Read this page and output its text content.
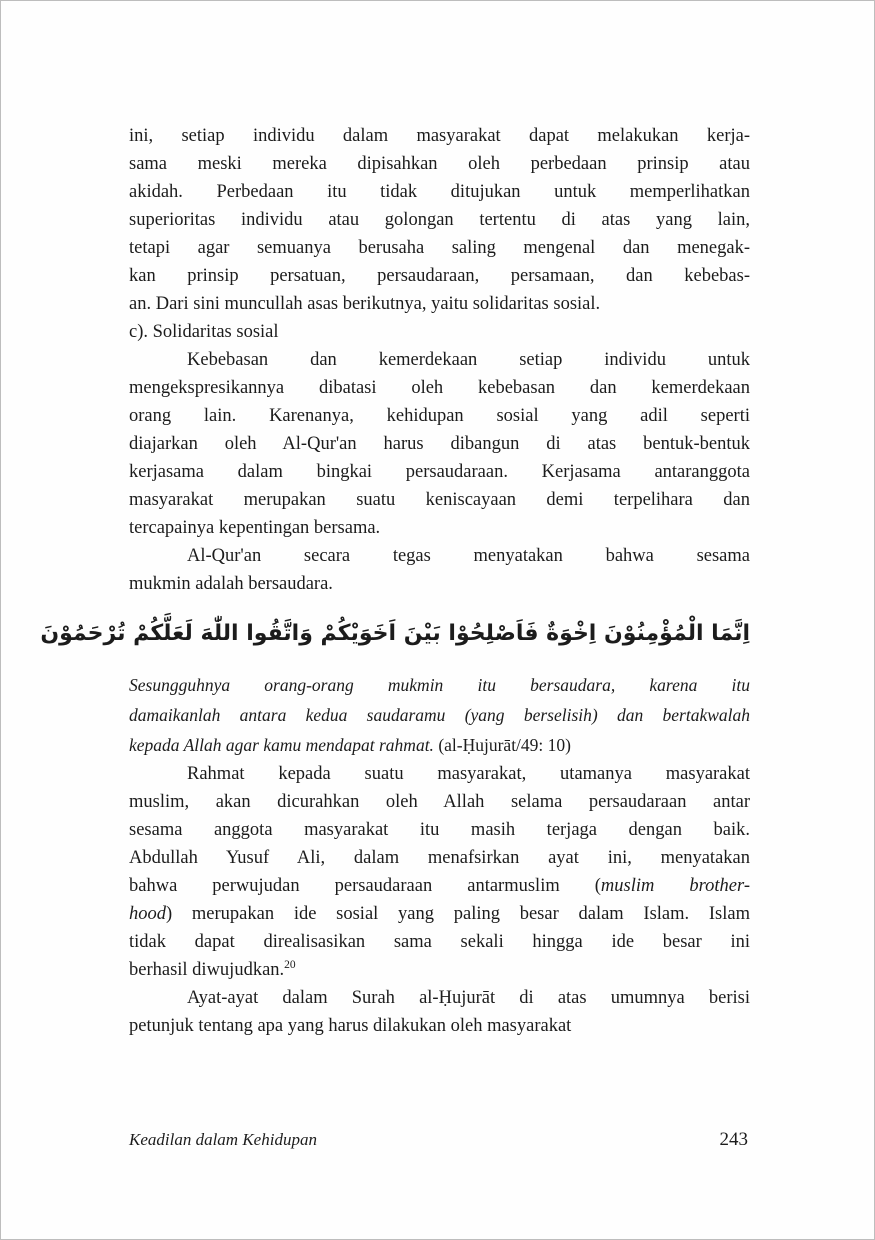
ini, setiap individu dalam masyarakat dapat melakukan kerja-
sama meski mereka dipisahkan oleh perbedaan prinsip atau
akidah. Perbedaan itu tidak ditujukan untuk memperlihatkan
superioritas individu atau golongan tertentu di atas yang lain,
tetapi agar semuanya berusaha saling mengenal dan menegak-
kan prinsip persatuan, persaudaraan, persamaan, dan kebebas-
an. Dari sini muncullah asas berikutnya, yaitu solidaritas sosial.

c). Solidaritas sosial

Kebebasan dan kemerdekaan setiap individu untuk
mengekspresikannya dibatasi oleh kebebasan dan kemerdekaan
orang lain. Karenanya, kehidupan sosial yang adil seperti
diajarkan oleh Al-Qur'an harus dibangun di atas bentuk-bentuk
kerjasama dalam bingkai persaudaraan. Kerjasama antaranggota
masyarakat merupakan suatu keniscayaan demi terpelihara dan
tercapainya kepentingan bersama.

Al-Qur'an secara tegas menyatakan bahwa sesama
mukmin adalah bersaudara.

اِنَّمَا الْمُؤْمِنُوْنَ اِخْوَةٌ فَاَصْلِحُوْا بَيْنَ اَخَوَيْكُمْ وَاتَّقُوا اللّٰهَ لَعَلَّكُمْ تُرْحَمُوْنَ

Sesungguhnya orang-orang mukmin itu bersaudara, karena itu
damaikanlah antara kedua saudaramu (yang berselisih) dan bertakwalah
kepada Allah agar kamu mendapat rahmat. (al-Ḥujurāt/49: 10)

Rahmat kepada suatu masyarakat, utamanya masyarakat
muslim, akan dicurahkan oleh Allah selama persaudaraan antar
sesama anggota masyarakat itu masih terjaga dengan baik.
Abdullah Yusuf Ali, dalam menafsirkan ayat ini, menyatakan
bahwa perwujudan persaudaraan antarmuslim (muslim brother-
hood) merupakan ide sosial yang paling besar dalam Islam. Islam
tidak dapat direalisasikan sama sekali hingga ide besar ini
berhasil diwujudkan.$^{20}$

Ayat-ayat dalam Surah al-Ḥujurāt di atas umumnya berisi
petunjuk tentang apa yang harus dilakukan oleh masyarakat

Keadilan dalam Kehidupan	243
